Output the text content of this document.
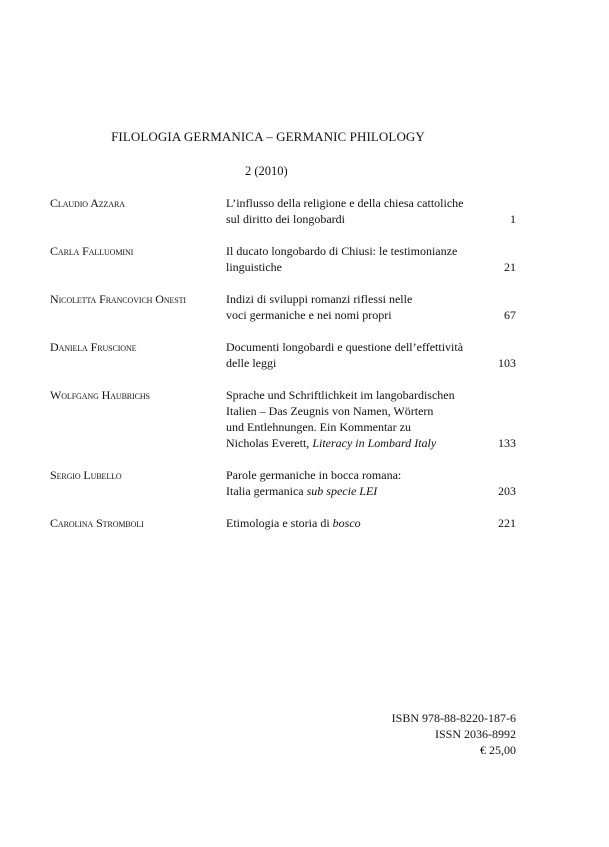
FILOLOGIA GERMANICA – GERMANIC PHILOLOGY
2 (2010)
Claudio Azzara	L’influsso della religione e della chiesa cattoliche
sul diritto dei longobardi	1
Carla Falluomini	Il ducato longobardo di Chiusi: le testimonianze
linguistiche	21
Nicoletta Francovich Onesti	Indizi di sviluppi romanzi riflessi nelle
voci germaniche e nei nomi propri	67
Daniela Fruscione	Documenti longobardi e questione dell’effettività
delle leggi	103
Wolfgang Haubrichs	Sprache und Schriftlichkeit im langobardischen
Italien – Das Zeugnis von Namen, Wörtern
und Entlehnungen. Ein Kommentar zu
Nicholas Everett, Literacy in Lombard Italy	133
Sergio Lubello	Parole germaniche in bocca romana:
Italia germanica sub specie LEI	203
Carolina Stromboli	Etimologia e storia di bosco	221
ISBN 978-88-8220-187-6
ISSN 2036-8992
€ 25,00
